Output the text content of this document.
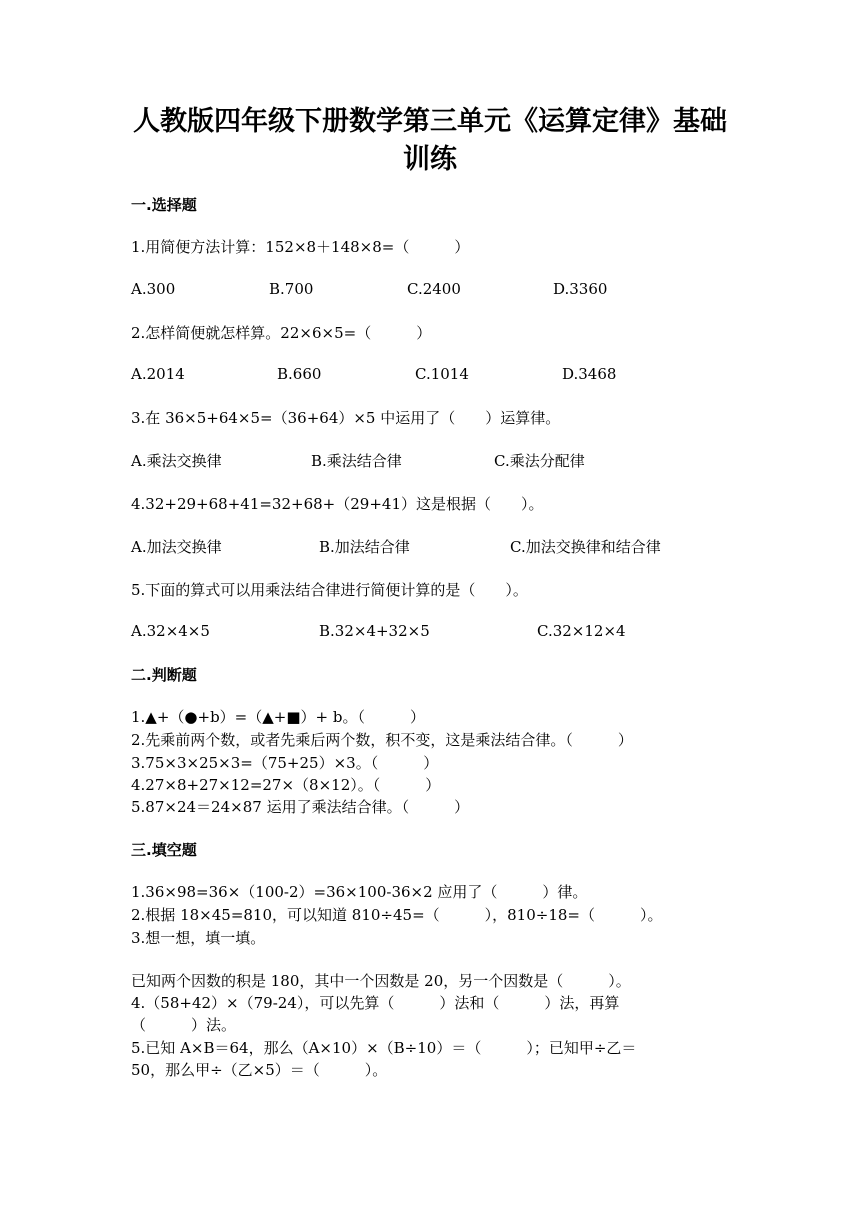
人教版四年级下册数学第三单元《运算定律》基础
训练
一.选择题
1.用简便方法计算：152×8＋148×8=（　　　）
A.300	B.700	C.2400	D.3360
2.怎样简便就怎样算。22×6×5=（　　　）
A.2014	B.660	C.1014	D.3468
3.在 36×5+64×5=（36+64）×5 中运用了（　　）运算律。
A.乘法交换律	B.乘法结合律	C.乘法分配律
4.32+29+68+41=32+68+（29+41）这是根据（　　）。
A.加法交换律	B.加法结合律	C.加法交换律和结合律
5.下面的算式可以用乘法结合律进行简便计算的是（　　）。
A.32×4×5	B.32×4+32×5	C.32×12×4
二.判断题
1.▲+（●+b）=（▲+■）+ b。（　　　）
2.先乘前两个数，或者先乘后两个数，积不变，这是乘法结合律。（　　　）
3.75×3×25×3=（75+25）×3。（　　　）
4.27×8+27×12=27×（8×12）。（　　　）
5.87×24＝24×87 运用了乘法结合律。（　　　）
三.填空题
1.36×98=36×（100-2）=36×100-36×2 应用了（　　　）律。
2.根据 18×45=810，可以知道 810÷45=（　　　），810÷18=（　　　）。
3.想一想，填一填。
已知两个因数的积是 180，其中一个因数是 20，另一个因数是（　　　）。
4.（58+42）×（79-24），可以先算（　　　）法和（　　　）法，再算
（　　　）法。
5.已知 A×B＝64，那么（A×10）×（B÷10）＝（　　　）；已知甲÷乙＝
50，那么甲÷（乙×5）＝（　　　）。
